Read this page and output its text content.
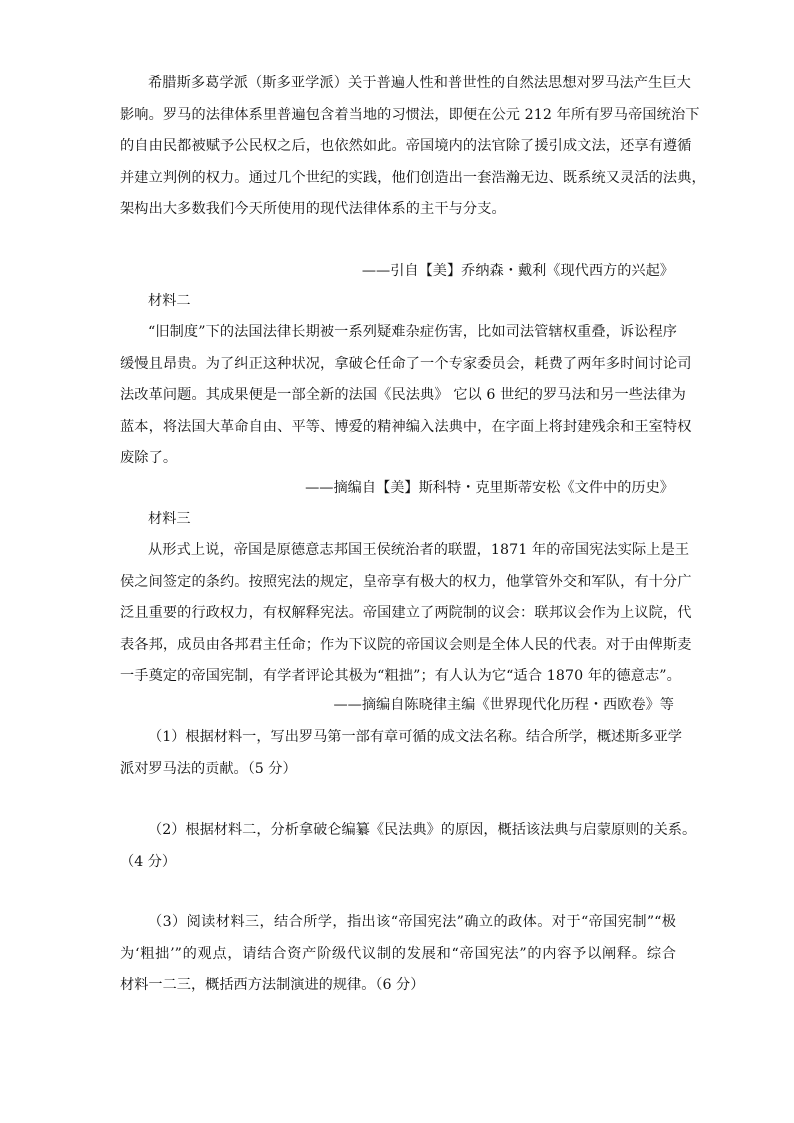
希腊斯多葛学派（斯多亚学派）关于普遍人性和普世性的自然法思想对罗马法产生巨大
影响。罗马的法律体系里普遍包含着当地的习惯法，即便在公元 212 年所有罗马帝国统治下
的自由民都被赋予公民权之后，也依然如此。帝国境内的法官除了援引成文法，还享有遵循
并建立判例的权力。通过几个世纪的实践，他们创造出一套浩瀚无边、既系统又灵活的法典，
架构出大多数我们今天所使用的现代法律体系的主干与分支。
——引自【美】乔纳森・戴利《现代西方的兴起》
材料二
“旧制度”下的法国法律长期被一系列疑难杂症伤害，比如司法管辖权重叠，诉讼程序
缓慢且昂贵。为了纠正这种状况，拿破仑任命了一个专家委员会，耗费了两年多时间讨论司
法改革问题。其成果便是一部全新的法国《民法典》 它以 6 世纪的罗马法和另一些法律为
蓝本，将法国大革命自由、平等、博爱的精神编入法典中，在字面上将封建残余和王室特权
废除了。
——摘编自【美】斯科特・克里斯蒂安松《文件中的历史》
材料三
从形式上说，帝国是原德意志邦国王侯统治者的联盟，1871 年的帝国宪法实际上是王
侯之间签定的条约。按照宪法的规定，皇帝享有极大的权力，他掌管外交和军队，有十分广
泛且重要的行政权力，有权解释宪法。帝国建立了两院制的议会：联邦议会作为上议院，代
表各邦，成员由各邦君主任命；作为下议院的帝国议会则是全体人民的代表。对于由俾斯麦
一手奠定的帝国宪制，有学者评论其极为“粗拙”；有人认为它“适合 1870 年的德意志”。
——摘编自陈晓律主编《世界现代化历程・西欧卷》等
（1）根据材料一，写出罗马第一部有章可循的成文法名称。结合所学，概述斯多亚学
派对罗马法的贡献。（5 分）
（2）根据材料二，分析拿破仑编纂《民法典》的原因，概括该法典与启蒙原则的关系。
（4 分）
（3）阅读材料三，结合所学，指出该“帝国宪法”确立的政体。对于“帝国宪制”“极
为‘粗拙’”的观点，请结合资产阶级代议制的发展和“帝国宪法”的内容予以阐释。综合
材料一二三，概括西方法制演进的规律。（6 分）
